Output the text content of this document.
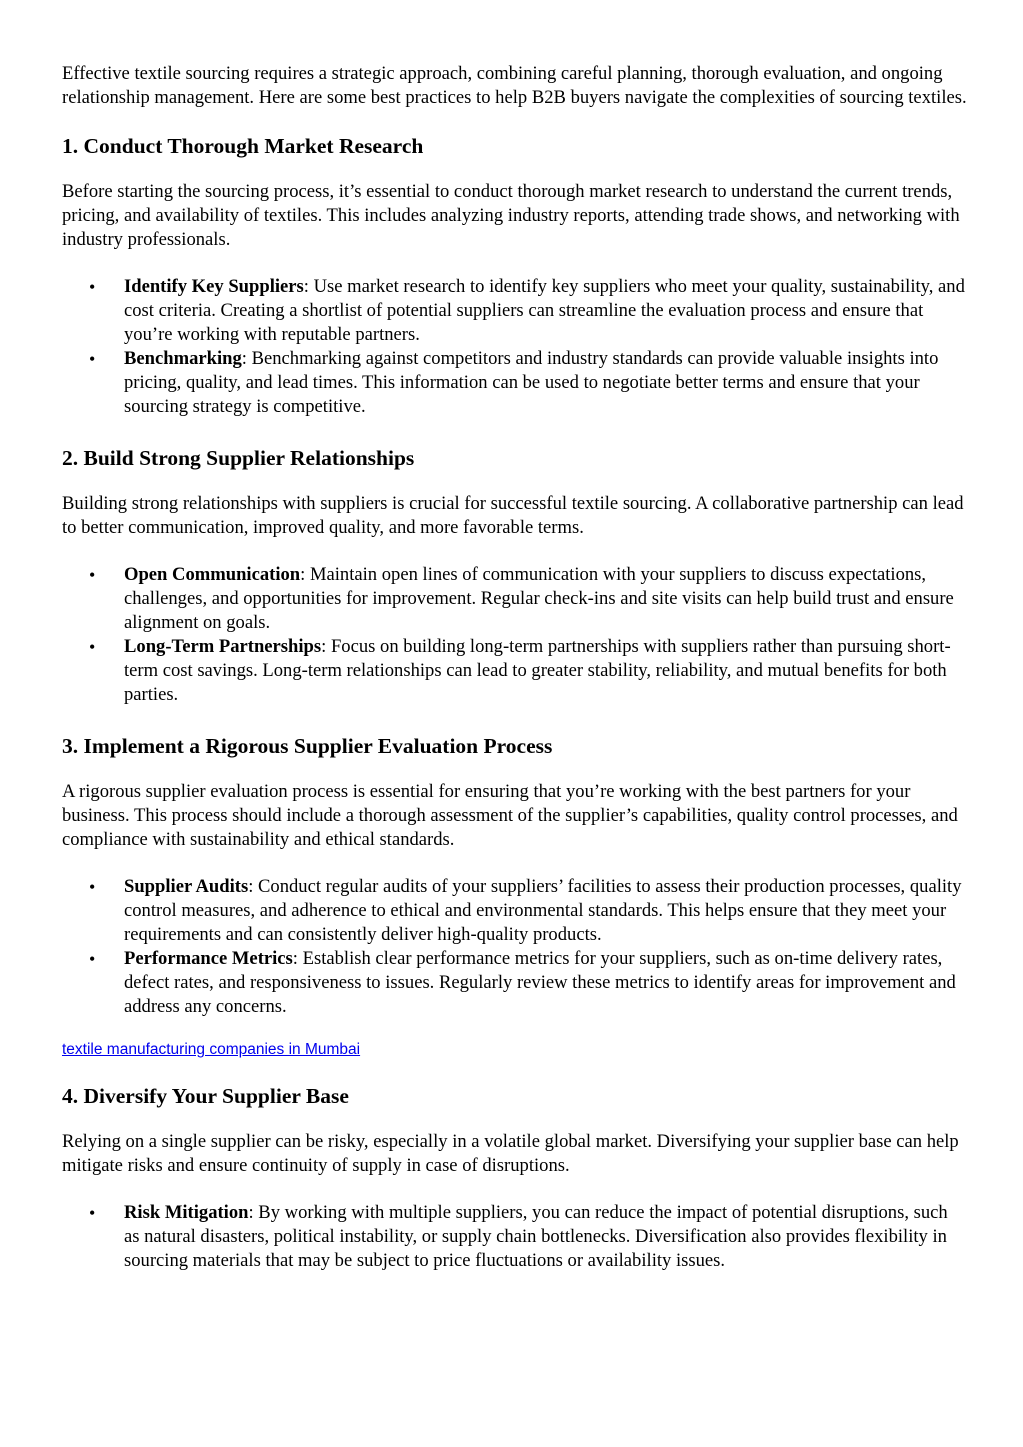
Effective textile sourcing requires a strategic approach, combining careful planning, thorough evaluation, and ongoing relationship management. Here are some best practices to help B2B buyers navigate the complexities of sourcing textiles.

1. Conduct Thorough Market Research

Before starting the sourcing process, it’s essential to conduct thorough market research to understand the current trends, pricing, and availability of textiles. This includes analyzing industry reports, attending trade shows, and networking with industry professionals.

• Identify Key Suppliers: Use market research to identify key suppliers who meet your quality, sustainability, and cost criteria. Creating a shortlist of potential suppliers can streamline the evaluation process and ensure that you’re working with reputable partners.
• Benchmarking: Benchmarking against competitors and industry standards can provide valuable insights into pricing, quality, and lead times. This information can be used to negotiate better terms and ensure that your sourcing strategy is competitive.
2. Build Strong Supplier Relationships

Building strong relationships with suppliers is crucial for successful textile sourcing. A collaborative partnership can lead to better communication, improved quality, and more favorable terms.

• Open Communication: Maintain open lines of communication with your suppliers to discuss expectations, challenges, and opportunities for improvement. Regular check-ins and site visits can help build trust and ensure alignment on goals.
• Long-Term Partnerships: Focus on building long-term partnerships with suppliers rather than pursuing short-term cost savings. Long-term relationships can lead to greater stability, reliability, and mutual benefits for both parties.
3. Implement a Rigorous Supplier Evaluation Process

A rigorous supplier evaluation process is essential for ensuring that you’re working with the best partners for your business. This process should include a thorough assessment of the supplier’s capabilities, quality control processes, and compliance with sustainability and ethical standards.

• Supplier Audits: Conduct regular audits of your suppliers’ facilities to assess their production processes, quality control measures, and adherence to ethical and environmental standards. This helps ensure that they meet your requirements and can consistently deliver high-quality products.
• Performance Metrics: Establish clear performance metrics for your suppliers, such as on-time delivery rates, defect rates, and responsiveness to issues. Regularly review these metrics to identify areas for improvement and address any concerns.
textile manufacturing companies in Mumbai
4. Diversify Your Supplier Base

Relying on a single supplier can be risky, especially in a volatile global market. Diversifying your supplier base can help mitigate risks and ensure continuity of supply in case of disruptions.

• Risk Mitigation: By working with multiple suppliers, you can reduce the impact of potential disruptions, such as natural disasters, political instability, or supply chain bottlenecks. Diversification also provides flexibility in sourcing materials that may be subject to price fluctuations or availability issues.
